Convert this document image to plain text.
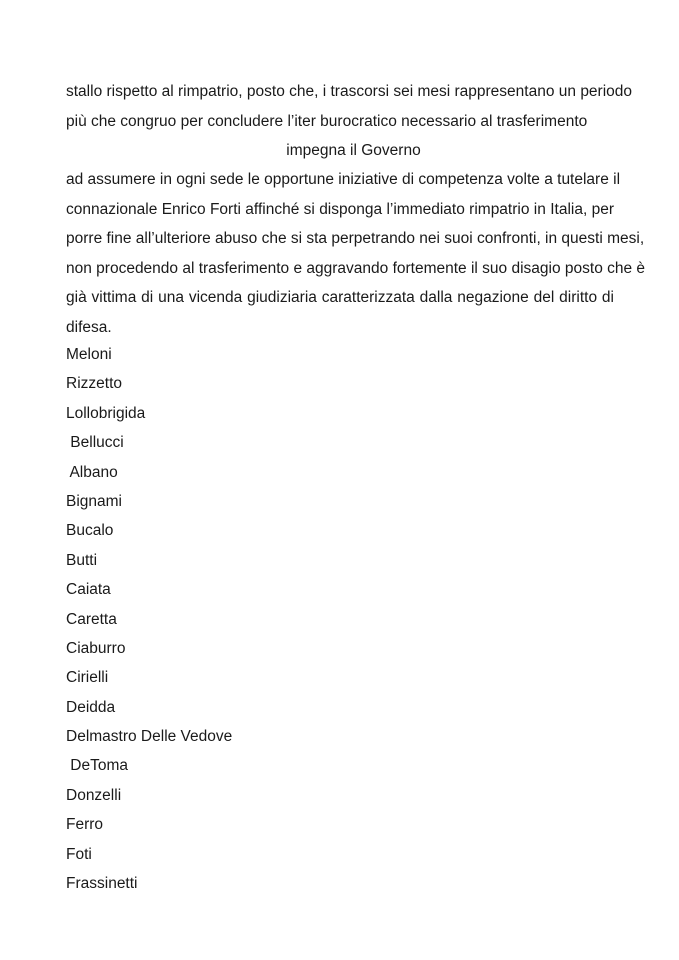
stallo rispetto al rimpatrio, posto che, i trascorsi sei mesi rappresentano un periodo
più che congruo per concludere l’iter burocratico necessario al trasferimento

impegna il Governo

ad assumere in ogni sede le opportune iniziative di competenza volte a tutelare il
connazionale Enrico Forti affinché si disponga l’immediato rimpatrio in Italia, per
porre fine all’ulteriore abuso che si sta perpetrando nei suoi confronti, in questi mesi,
non procedendo al trasferimento e aggravando fortemente il suo disagio posto che è
già vittima di una vicenda giudiziaria caratterizzata dalla negazione del diritto di
difesa.
Meloni
Rizzetto
Lollobrigida
Bellucci
Albano
Bignami
Bucalo
Butti
Caiata
Caretta
Ciaburro
Cirielli
Deidda
Delmastro Delle Vedove
DeToma
Donzelli
Ferro
Foti
Frassinetti
